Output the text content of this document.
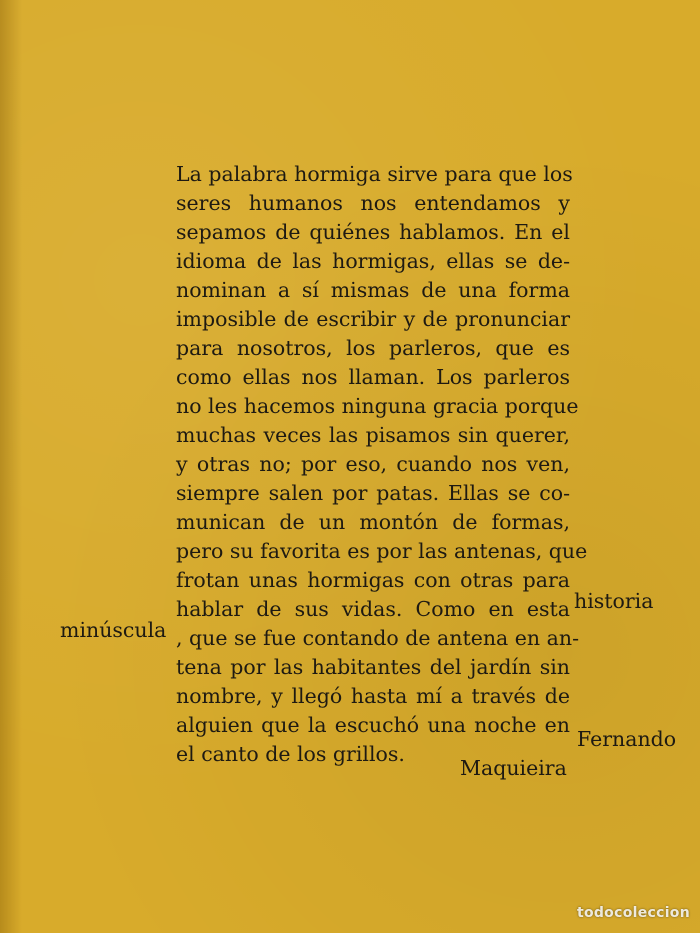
La palabra hormiga sirve para que los
seres humanos nos entendamos y
sepamos de quiénes hablamos. En el
idioma de las hormigas, ellas se de-
nominan a sí mismas de una forma
imposible de escribir y de pronunciar
para nosotros, los parleros, que es
como ellas nos llaman. Los parleros
no les hacemos ninguna gracia porque
muchas veces las pisamos sin querer,
y otras no; por eso, cuando nos ven,
siempre salen por patas. Ellas se co-
munican de un montón de formas,
pero su favorita es por las antenas, que
frotan unas hormigas con otras para
hablar de sus vidas. Como en esta
, que se fue contando de antena en an-
tena por las habitantes del jardín sin
nombre, y llegó hasta mí a través de
alguien que la escuchó una noche en
el canto de los grillos.
historia
minúscula
Fernando
Maquieira
todocoleccion
